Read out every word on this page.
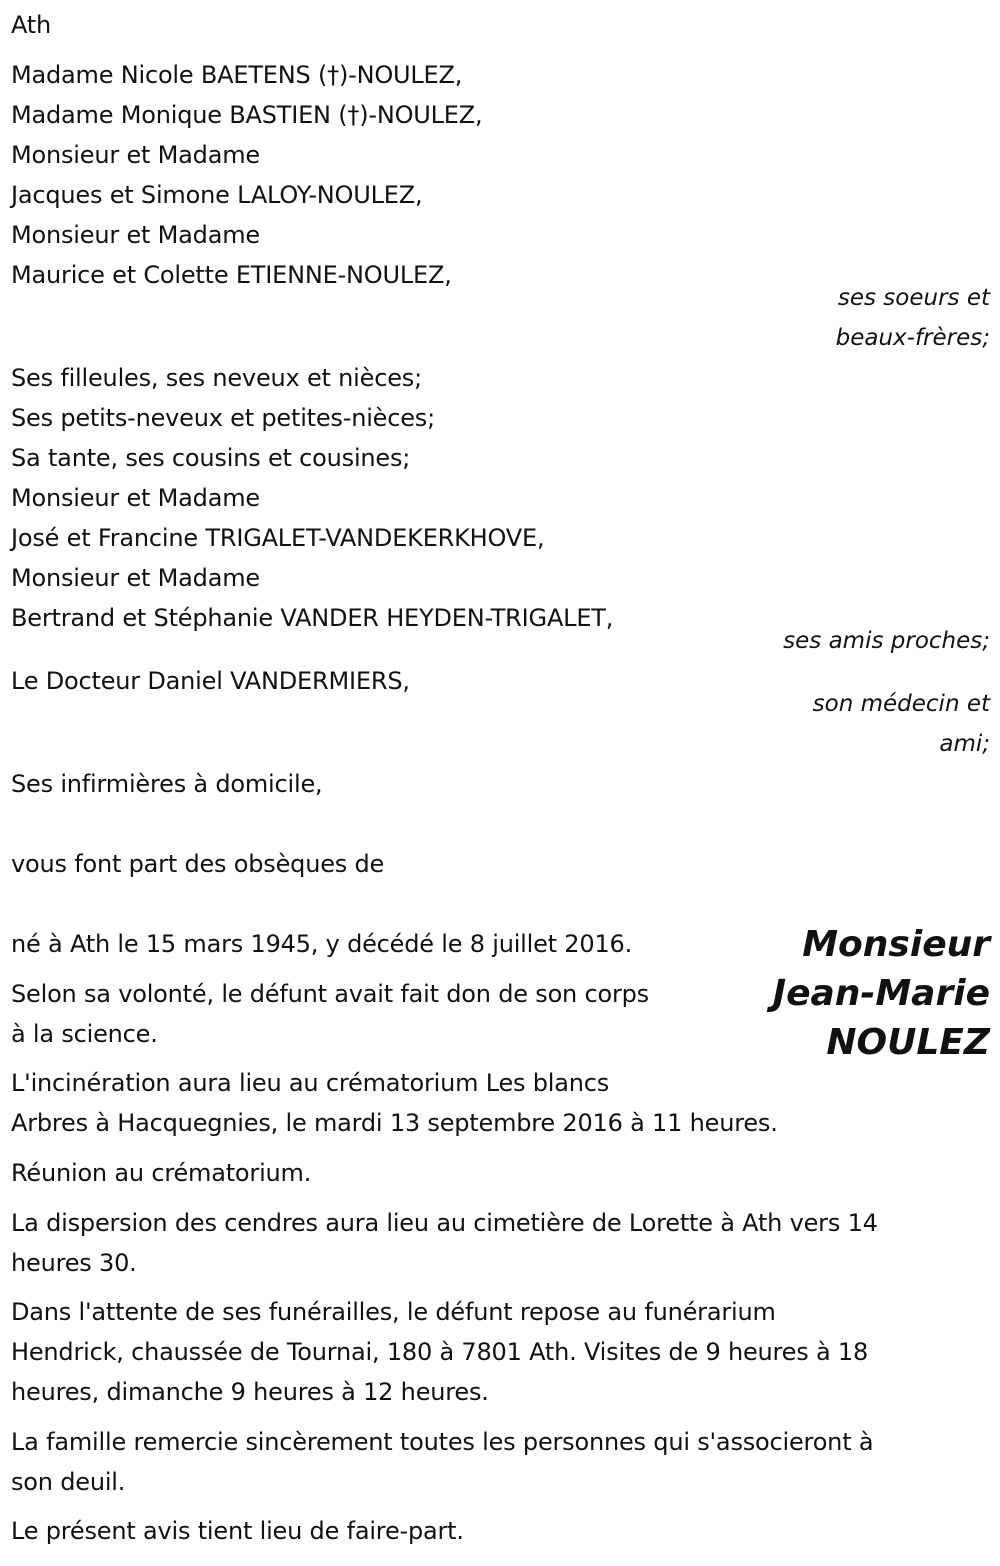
Ath
Madame Nicole BAETENS (†)-NOULEZ,
Madame Monique BASTIEN (†)-NOULEZ,
Monsieur et Madame
Jacques et Simone LALOY-NOULEZ,
Monsieur et Madame
Maurice et Colette ETIENNE-NOULEZ,
ses soeurs et
beaux-frères;
Ses filleules, ses neveux et nièces;
Ses petits-neveux et petites-nièces;
Sa tante, ses cousins et cousines;
Monsieur et Madame
José et Francine TRIGALET-VANDEKERKHOVE,
Monsieur et Madame
Bertrand et Stéphanie VANDER HEYDEN-TRIGALET,
ses amis proches;
Le Docteur Daniel VANDERMIERS,
son médecin et
ami;
Ses infirmières à domicile,
vous font part des obsèques de
Monsieur
Jean-Marie
NOULEZ
né à Ath le 15 mars 1945, y décédé le 8 juillet 2016.
Selon sa volonté, le défunt avait fait don de son corps
à la science.
L'incinération aura lieu au crématorium Les blancs
Arbres à Hacquegnies, le mardi 13 septembre 2016 à 11 heures.
Réunion au crématorium.
La dispersion des cendres aura lieu au cimetière de Lorette à Ath vers 14
heures 30.
Dans l'attente de ses funérailles, le défunt repose au funérarium
Hendrick, chaussée de Tournai, 180 à 7801 Ath. Visites de 9 heures à 18
heures, dimanche 9 heures à 12 heures.
La famille remercie sincèrement toutes les personnes qui s'associeront à
son deuil.
Le présent avis tient lieu de faire-part.
